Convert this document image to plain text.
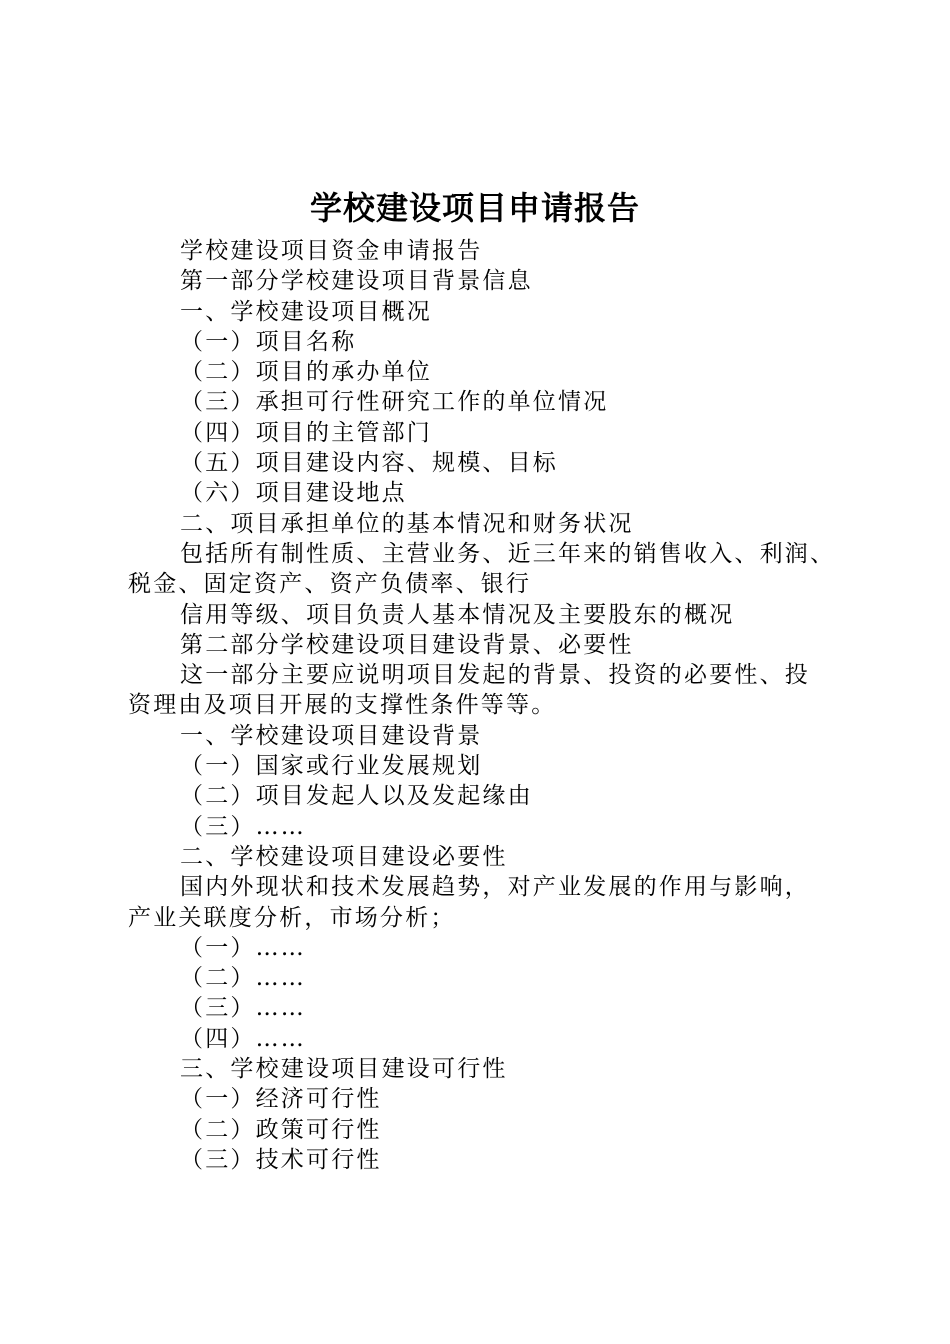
学校建设项目申请报告

学校建设项目资金申请报告

第一部分学校建设项目背景信息

一、学校建设项目概况

（一）项目名称

（二）项目的承办单位

（三）承担可行性研究工作的单位情况

（四）项目的主管部门

（五）项目建设内容、规模、目标

（六）项目建设地点

二、项目承担单位的基本情况和财务状况

包括所有制性质、主营业务、近三年来的销售收入、利润、

税金、固定资产、资产负债率、银行

信用等级、项目负责人基本情况及主要股东的概况

第二部分学校建设项目建设背景、必要性

这一部分主要应说明项目发起的背景、投资的必要性、投

资理由及项目开展的支撑性条件等等。

一、学校建设项目建设背景

（一）国家或行业发展规划

（二）项目发起人以及发起缘由

（三）……

二、学校建设项目建设必要性

国内外现状和技术发展趋势，对产业发展的作用与影响，

产业关联度分析，市场分析；

（一）……

（二）……

（三）……

（四）……

三、学校建设项目建设可行性

（一）经济可行性

（二）政策可行性

（三）技术可行性
